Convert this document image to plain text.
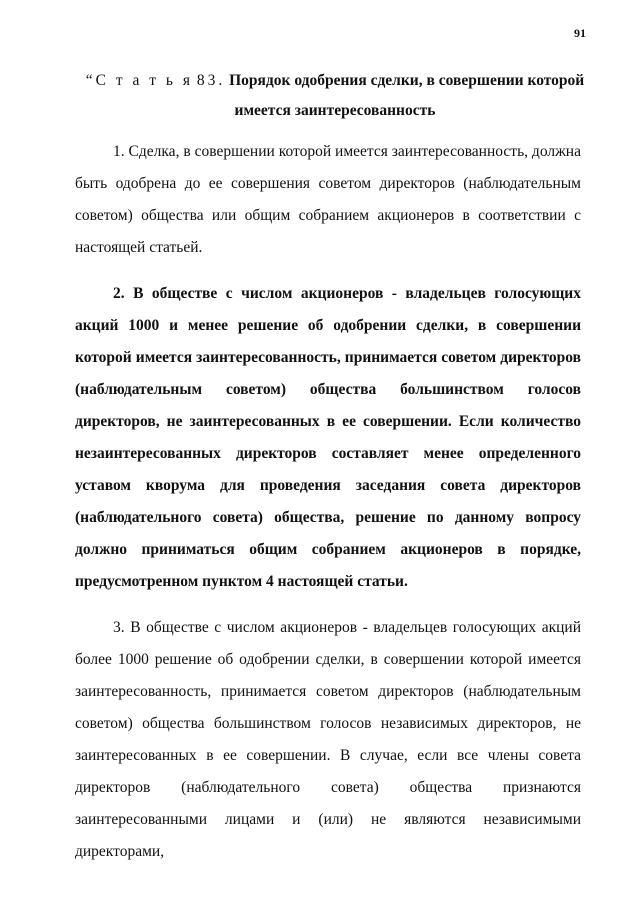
91
“С т а т ь я 83. Порядок одобрения сделки, в совершении которой имеется заинтересованность

1. Сделка, в совершении которой имеется заинтересованность, должна быть одобрена до ее совершения советом директоров (наблюдательным советом) общества или общим собранием акционеров в соответствии с настоящей статьей.

2. В обществе с числом акционеров - владельцев голосующих акций 1000 и менее решение об одобрении сделки, в совершении которой имеется заинтересованность, принимается советом директоров (наблюдательным советом) общества большинством голосов директоров, не заинтересованных в ее совершении. Если количество незаинтересованных директоров составляет менее определенного уставом кворума для проведения заседания совета директоров (наблюдательного совета) общества, решение по данному вопросу должно приниматься общим собранием акционеров в порядке, предусмотренном пунктом 4 настоящей статьи.

3. В обществе с числом акционеров - владельцев голосующих акций более 1000 решение об одобрении сделки, в совершении которой имеется заинтересованность, принимается советом директоров (наблюдательным советом) общества большинством голосов независимых директоров, не заинтересованных в ее совершении. В случае, если все члены совета директоров (наблюдательного совета) общества признаются заинтересованными лицами и (или) не являются независимыми директорами,
